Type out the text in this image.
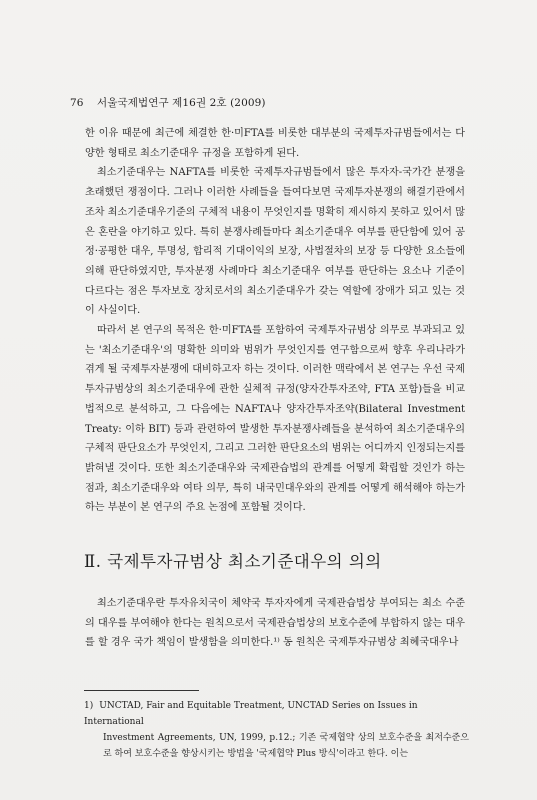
76 서울국제법연구 제16권 2호 (2009)

한 이유 때문에 최근에 체결한 한·미FTA를 비롯한 대부분의 국제투자규범들에서는 다양한 형태로 최소기준대우 규정을 포함하게 된다.

최소기준대우는 NAFTA를 비롯한 국제투자규범들에서 많은 투자자-국가간 분쟁을 초래했던 쟁점이다. 그러나 이러한 사례들을 들여다보면 국제투자분쟁의 해결기관에서조차 최소기준대우기준의 구체적 내용이 무엇인지를 명확히 제시하지 못하고 있어서 많은 혼란을 야기하고 있다. 특히 분쟁사례들마다 최소기준대우 여부를 판단함에 있어 공정·공평한 대우, 투명성, 합리적 기대이익의 보장, 사법절차의 보장 등 다양한 요소들에 의해 판단하였지만, 투자분쟁 사례마다 최소기준대우 여부를 판단하는 요소나 기준이 다르다는 점은 투자보호 장치로서의 최소기준대우가 갖는 역할에 장애가 되고 있는 것이 사실이다.

따라서 본 연구의 목적은 한·미FTA를 포함하여 국제투자규범상 의무로 부과되고 있는 '최소기준대우'의 명확한 의미와 범위가 무엇인지를 연구함으로써 향후 우리나라가 겪게 될 국제투자분쟁에 대비하고자 하는 것이다. 이러한 맥락에서 본 연구는 우선 국제투자규범상의 최소기준대우에 관한 실체적 규정(양자간투자조약, FTA 포함)들을 비교법적으로 분석하고, 그 다음에는 NAFTA나 양자간투자조약(Bilateral Investment Treaty: 이하 BIT) 등과 관련하여 발생한 투자분쟁사례들을 분석하여 최소기준대우의 구체적 판단요소가 무엇인지, 그리고 그러한 판단요소의 범위는 어디까지 인정되는지를 밝혀낼 것이다. 또한 최소기준대우와 국제관습법의 관계를 어떻게 확립할 것인가 하는 점과, 최소기준대우와 여타 의무, 특히 내국민대우와의 관계를 어떻게 해석해야 하는가 하는 부분이 본 연구의 주요 논점에 포함될 것이다.

Ⅱ. 국제투자규범상 최소기준대우의 의의

최소기준대우란 투자유치국이 체약국 투자자에게 국제관습법상 부여되는 최소 수준의 대우를 부여해야 한다는 원칙으로서 국제관습법상의 보호수준에 부합하지 않는 대우를 할 경우 국가 책임이 발생함을 의미한다.¹⁾ 동 원칙은 국제투자규범상 최혜국대우나

1) UNCTAD, Fair and Equitable Treatment, UNCTAD Series on Issues in International
Investment Agreements, UN, 1999, p.12.; 기존 국제협약 상의 보호수준을 최저수준으로 하여 보호수준을 향상시키는 방법을 '국제협약 Plus 방식'이라고 한다. 이는
